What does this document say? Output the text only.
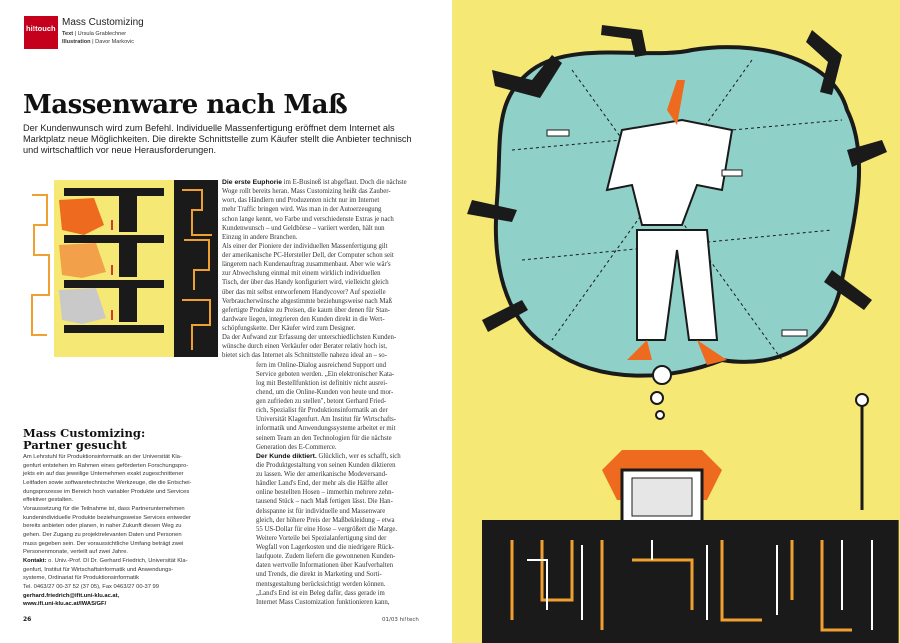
hi!touch
Mass Customizing
Text | Ursula Grablechner
Illustration | Davor Markovic
Massenware nach Maß
Der Kundenwunsch wird zum Befehl. Individuelle Massenfertigung eröffnet dem Internet als Marktplatz neue Möglichkeiten. Die direkte Schnittstelle zum Käufer stellt die Anbieter technisch und wirtschaftlich vor neue Herausforderungen.
Die erste Euphorie im E-Busineß ist abgeflaut. Doch die nächste
Woge rollt bereits heran. Mass Customizing heißt das Zauber-
wort, das Händlern und Produzenten nicht nur im Internet
mehr Traffic bringen wird. Was man in der Autoerzeugung
schon lange kennt, wo Farbe und verschiedenste Extras je nach
Kundenwunsch – und Geldbörse – variiert werden, hält nun
Einzug in andere Branchen.
Als einer der Pioniere der individuellen Massenfertigung gilt
der amerikanische PC-Hersteller Dell, der Computer schon seit
längerem nach Kundenauftrag zusammenbaut. Aber wie wär's
zur Abwechslung einmal mit einem wirklich individuellen
Tisch, der über das Handy konfiguriert wird, vielleicht gleich
über das mit selbst entworfenem Handycover? Auf spezielle
Verbraucherwünsche abgestimmte beziehungsweise nach Maß
gefertigte Produkte zu Preisen, die kaum über denen für Stan-
dardware liegen, integrieren den Kunden direkt in die Wert-
schöpfungskette. Der Käufer wird zum Designer.
Da der Aufwand zur Erfassung der unterschiedlichsten Kunden-
wünsche durch einen Verkäufer oder Berater relativ hoch ist,
bietet sich das Internet als Schnittstelle nahezu ideal an – so-
fern im Online-Dialog ausreichend Support und
Service geboten werden. „Ein elektronischer Kata-
log mit Bestellfunktion ist definitiv nicht ausrei-
chend, um die Online-Kunden von heute und mor-
gen zufrieden zu stellen", betont Gerhard Fried-
rich, Spezialist für Produktionsinformatik an der
Universität Klagenfurt. Am Institut für Wirtschafts-
informatik und Anwendungssysteme arbeitet er mit
seinem Team an den Technologien für die nächste
Generation des E-Commerce.
Der Kunde diktiert. Glücklich, wer es schafft, sich
die Produktgestaltung von seinen Kunden diktieren
zu lassen. Wie der amerikanische Modeversand-
händler Land's End, der mehr als die Hälfte aller
online bestellten Hosen – immerhin mehrere zehn-
tausend Stück – nach Maß fertigen lässt. Die Han-
delsspanne ist für individuelle und Massenware
gleich, der höhere Preis der Maßbekleidung – etwa
55 US-Dollar für eine Hose – vergrößert die Marge.
Weitere Vorteile bei Spezialanfertigung sind der
Wegfall von Lagerkosten und die niedrigere Rück-
laufquote. Zudem liefern die gewonnenen Kunden-
daten wertvolle Informationen über Kaufverhalten
und Trends, die direkt in Marketing und Sorti-
mentsgestaltung berücksichtigt werden können.
„Land's End ist ein Beleg dafür, dass gerade im
Internet Mass Customization funktionieren kann,
Mass Customizing:
Partner gesucht
Am Lehrstuhl für Produktionsinformatik an der Universität Kla-
genfurt entstehen im Rahmen eines geförderten Forschungspro-
jekts ein auf das jeweilige Unternehmen exakt zugeschnittener
Leitfaden sowie softwaretechnische Werkzeuge, die die Entschei-
dungsprozesse im Bereich hoch variabler Produkte und Services
effektiver gestalten.
Voraussetzung für die Teilnahme ist, dass Partnerunternehmen
kundenindividuelle Produkte beziehungsweise Services entweder
bereits anbieten oder planen, in naher Zukunft diesen Weg zu
gehen. Der Zugang zu projektrelevanten Daten und Personen
muss gegeben sein. Der voraussichtliche Umfang beträgt zwei
Personenmonate, verteilt auf zwei Jahre.
Kontakt: o. Univ.-Prof. DI Dr. Gerhard Friedrich, Universität Kla-
genfurt, Institut für Wirtschaftsinformatik und Anwendungs-
systeme, Ordinariat für Produktionsinformatik
Tel. 0463/27 00-37 52 (37 05), Fax 0463/27 00-37 99
gerhard.friedrich@ifit.uni-klu.ac.at,
www.ifi.uni-klu.ac.at/IWAS/GF/
26	01/03 hi!tech
